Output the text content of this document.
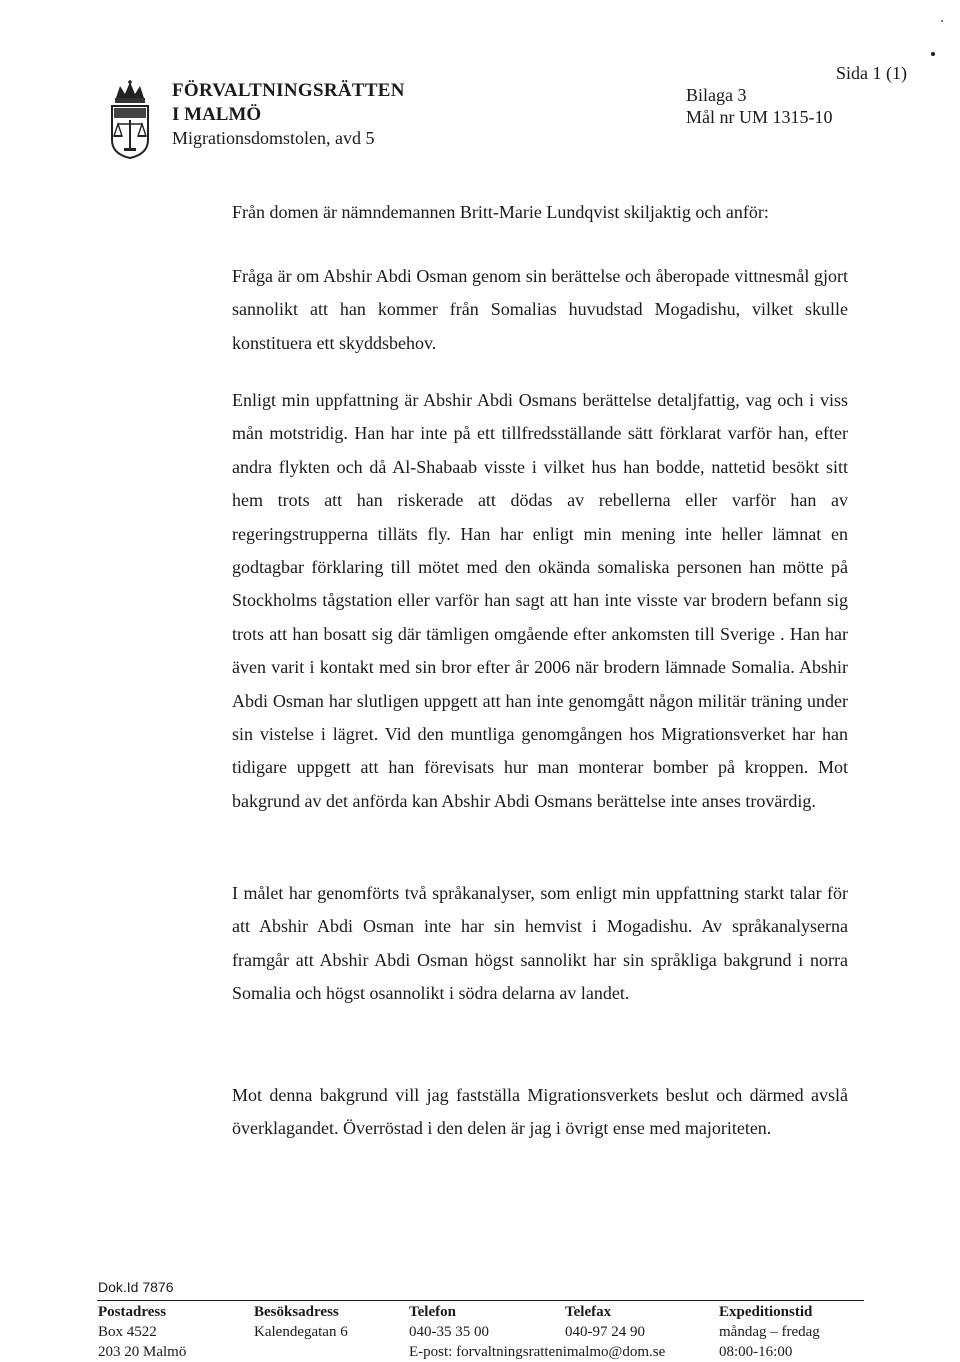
FÖRVALTNINGSRÄTTEN

I MALMÖ

Migrationsdomstolen, avd 5

Sida 1 (1)

Bilaga 3

Mål nr UM 1315-10

Från domen är nämndemannen Britt-Marie Lundqvist skiljaktig och anför:

Fråga är om Abshir Abdi Osman genom sin berättelse och åberopade vittnesmål gjort sannolikt att han kommer från Somalias huvudstad Mogadishu, vilket skulle konstituera ett skyddsbehov.

Enligt min uppfattning är Abshir Abdi Osmans berättelse detaljfattig, vag och i viss mån motstridig. Han har inte på ett tillfredsställande sätt förklarat varför han, efter andra flykten och då Al-Shabaab visste i vilket hus han bodde, nattetid besökt sitt hem trots att han riskerade att dödas av rebellerna eller varför han av regeringstrupperna tilläts fly. Han har enligt min mening inte heller lämnat en godtagbar förklaring till mötet med den okända somaliska personen han mötte på Stockholms tågstation eller varför han sagt att han inte visste var brodern befann sig trots att han bosatt sig där tämligen omgående efter ankomsten till Sverige . Han har även varit i kontakt med sin bror efter år 2006 när brodern lämnade Somalia. Abshir Abdi Osman har slutligen uppgett att han inte genomgått någon militär träning under sin vistelse i lägret. Vid den muntliga genomgången hos Migrationsverket har han tidigare uppgett att han förevisats hur man monterar bomber på kroppen. Mot bakgrund av det anförda kan Abshir Abdi Osmans berättelse inte anses trovärdig.

I målet har genomförts två språkanalyser, som enligt min uppfattning starkt talar för att Abshir Abdi Osman inte har sin hemvist i Mogadishu. Av språkanalyserna framgår att Abshir Abdi Osman högst sannolikt har sin språkliga bakgrund i norra Somalia och högst osannolikt i södra delarna av landet.

Mot denna bakgrund vill jag fastställa Migrationsverkets beslut och därmed avslå överklagandet. Överröstad i den delen är jag i övrigt ense med majoriteten.

Dok.Id 7876

Postadress
Box 4522
203 20 Malmö
Besöksadress
Kalendegatan 6
Telefon
040-35 35 00
E-post: forvaltningsrattenimalmo@dom.se
Telefax
040-97 24 90
Expeditionstid
måndag – fredag
08:00-16:00
